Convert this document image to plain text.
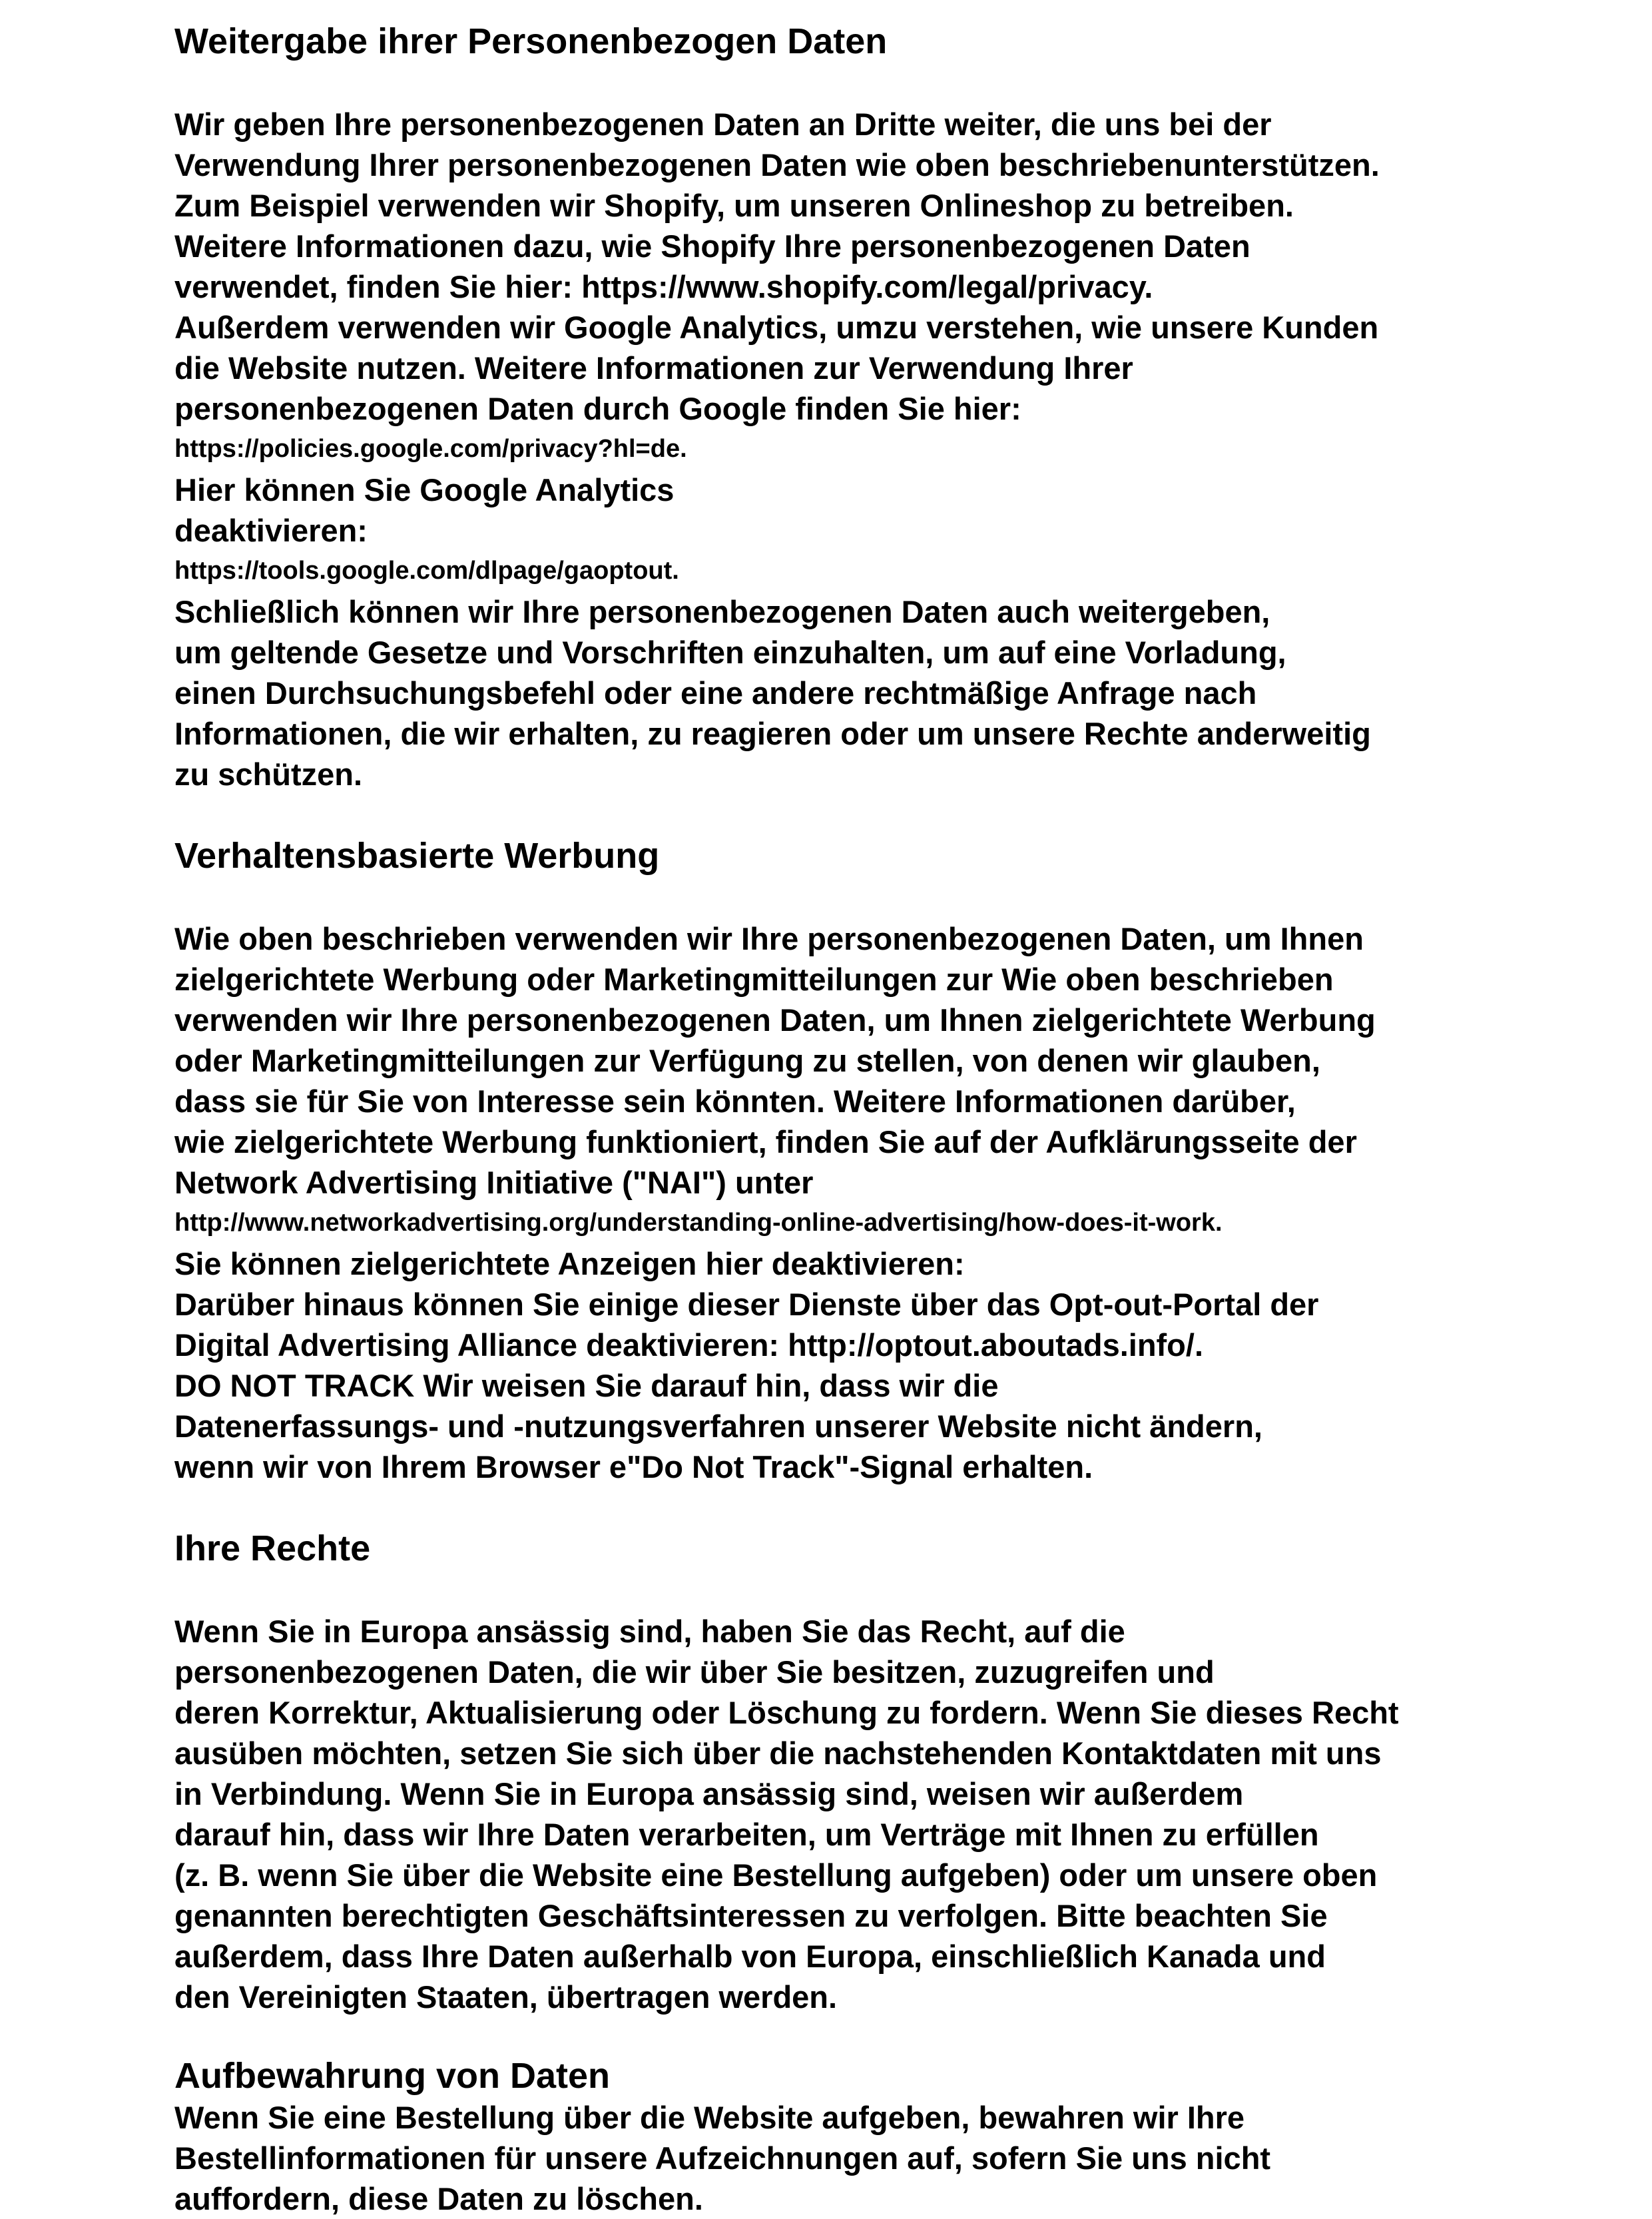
Weitergabe ihrer Personenbezogen Daten
Wir geben Ihre personenbezogenen Daten an Dritte weiter, die uns bei der
Verwendung Ihrer personenbezogenen Daten wie oben beschriebenunterstützen.
Zum Beispiel verwenden wir Shopify, um unseren Onlineshop zu betreiben.
Weitere Informationen dazu, wie Shopify Ihre personenbezogenen Daten
verwendet, finden Sie hier: https://www.shopify.com/legal/privacy.
Außerdem verwenden wir Google Analytics, umzu verstehen, wie unsere Kunden
die Website nutzen. Weitere Informationen zur Verwendung Ihrer
personenbezogenen Daten durch Google finden Sie hier:
https://policies.google.com/privacy?hl=de.
Hier können Sie Google Analytics
deaktivieren:
https://tools.google.com/dlpage/gaoptout.
Schließlich können wir Ihre personenbezogenen Daten auch weitergeben,
um geltende Gesetze und Vorschriften einzuhalten, um auf eine Vorladung,
einen Durchsuchungsbefehl oder eine andere rechtmäßige Anfrage nach
Informationen, die wir erhalten, zu reagieren oder um unsere Rechte anderweitig
zu schützen.
Verhaltensbasierte Werbung
Wie oben beschrieben verwenden wir Ihre personenbezogenen Daten, um Ihnen
zielgerichtete Werbung oder Marketingmitteilungen zur Wie oben beschrieben
verwenden wir Ihre personenbezogenen Daten, um Ihnen zielgerichtete Werbung
oder Marketingmitteilungen zur Verfügung zu stellen, von denen wir glauben,
dass sie für Sie von Interesse sein könnten. Weitere Informationen darüber,
wie zielgerichtete Werbung funktioniert, finden Sie auf der Aufklärungsseite der
Network Advertising Initiative ("NAI") unter
http://www.networkadvertising.org/understanding-online-advertising/how-does-it-work.
Sie können zielgerichtete Anzeigen hier deaktivieren:
Darüber hinaus können Sie einige dieser Dienste über das Opt-out-Portal der
Digital Advertising Alliance deaktivieren: http://optout.aboutads.info/.
DO NOT TRACK Wir weisen Sie darauf hin, dass wir die
Datenerfassungs- und -nutzungsverfahren unserer Website nicht ändern,
wenn wir von Ihrem Browser e"Do Not Track"-Signal erhalten.
Ihre Rechte
Wenn Sie in Europa ansässig sind, haben Sie das Recht, auf die
personenbezogenen Daten, die wir über Sie besitzen, zuzugreifen und
deren Korrektur, Aktualisierung oder Löschung zu fordern. Wenn Sie dieses Recht
ausüben möchten, setzen Sie sich über die nachstehenden Kontaktdaten mit uns
in Verbindung. Wenn Sie in Europa ansässig sind, weisen wir außerdem
darauf hin, dass wir Ihre Daten verarbeiten, um Verträge mit Ihnen zu erfüllen
(z. B. wenn Sie über die Website eine Bestellung aufgeben) oder um unsere oben
genannten berechtigten Geschäftsinteressen zu verfolgen. Bitte beachten Sie
außerdem, dass Ihre Daten außerhalb von Europa, einschließlich Kanada und
den Vereinigten Staaten, übertragen werden.
Aufbewahrung von Daten
Wenn Sie eine Bestellung über die Website aufgeben, bewahren wir Ihre
Bestellinformationen für unsere Aufzeichnungen auf, sofern Sie uns nicht
auffordern, diese Daten zu löschen.
